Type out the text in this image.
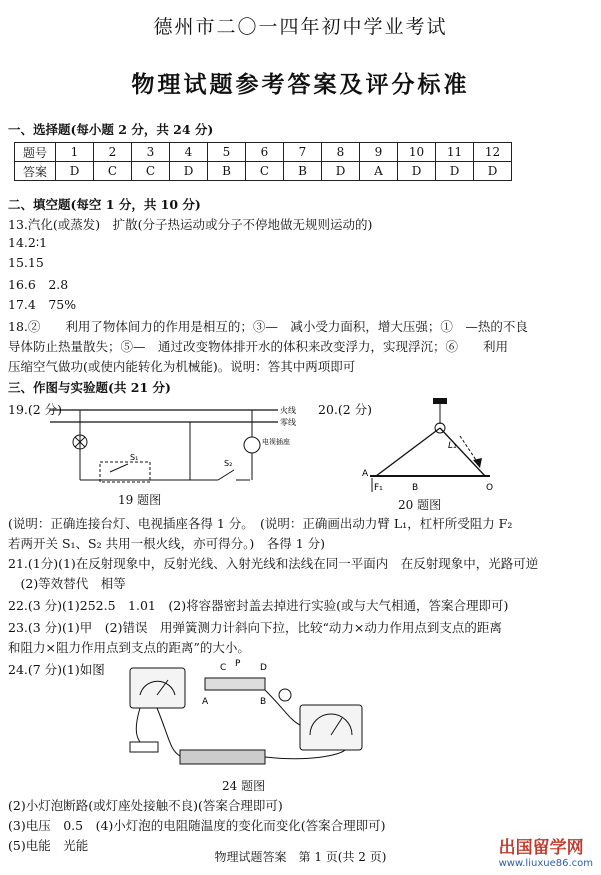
德州市二〇一四年初中学业考试
物理试题参考答案及评分标准
一、选择题(每小题 2 分，共 24 分)
题号	1	2	3	4	5	6	7	8	9	10	11	12
答案	D	C	C	D	B	C	B	D	A	D	D	D
二、填空题(每空 1 分，共 10 分)
13.汽化(或蒸发)　扩散(分子热运动或分子不停地做无规则运动的)
14.2∶1
15.15
16.6　2.8
17.4　75%
18.②　　利用了物体间力的作用是相互的；③—　减小受力面积，增大压强；①　—热的不良
导体防止热量散失；⑤—　通过改变物体排开水的体积来改变浮力，实现浮沉；⑥　　利用
压缩空气做功(或使内能转化为机械能)。说明：答其中两项即可
三、作图与实验题(共 21 分)
19.(2 分)	20.(2 分)
火线
零线
S₁
S₂
电视插座
19 题图
L₁
A
F₁	B	O
20 题图
(说明：正确连接台灯、电视插座各得 1 分。　(说明：正确画出动力臂 L₁，杠杆所受阻力 F₂
若两开关 S₁、S₂ 共用一根火线，亦可得分。)　各得 1 分)
21.(1分)(1)在反射现象中，反射光线、入射光线和法线在同一平面内　在反射现象中，光路可逆
　(2)等效替代　相等
22.(3 分)(1)252.5　1.01　(2)将容器密封盖去掉进行实验(或与大气相通，答案合理即可)
23.(3 分)(1)甲　(2)错误　用弹簧测力计斜向下拉，比较“动力×动力作用点到支点的距离
和阻力×阻力作用点到支点的距离”的大小。
24.(7 分)(1)如图	C P D
A	B
24 题图
(2)小灯泡断路(或灯座处接触不良)(答案合理即可)
(3)电压　0.5　(4)小灯泡的电阻随温度的变化而变化(答案合理即可)
(5)电能　光能
物理试题答案　第 1 页(共 2 页)	出国留学网
www.liuxue86.com
